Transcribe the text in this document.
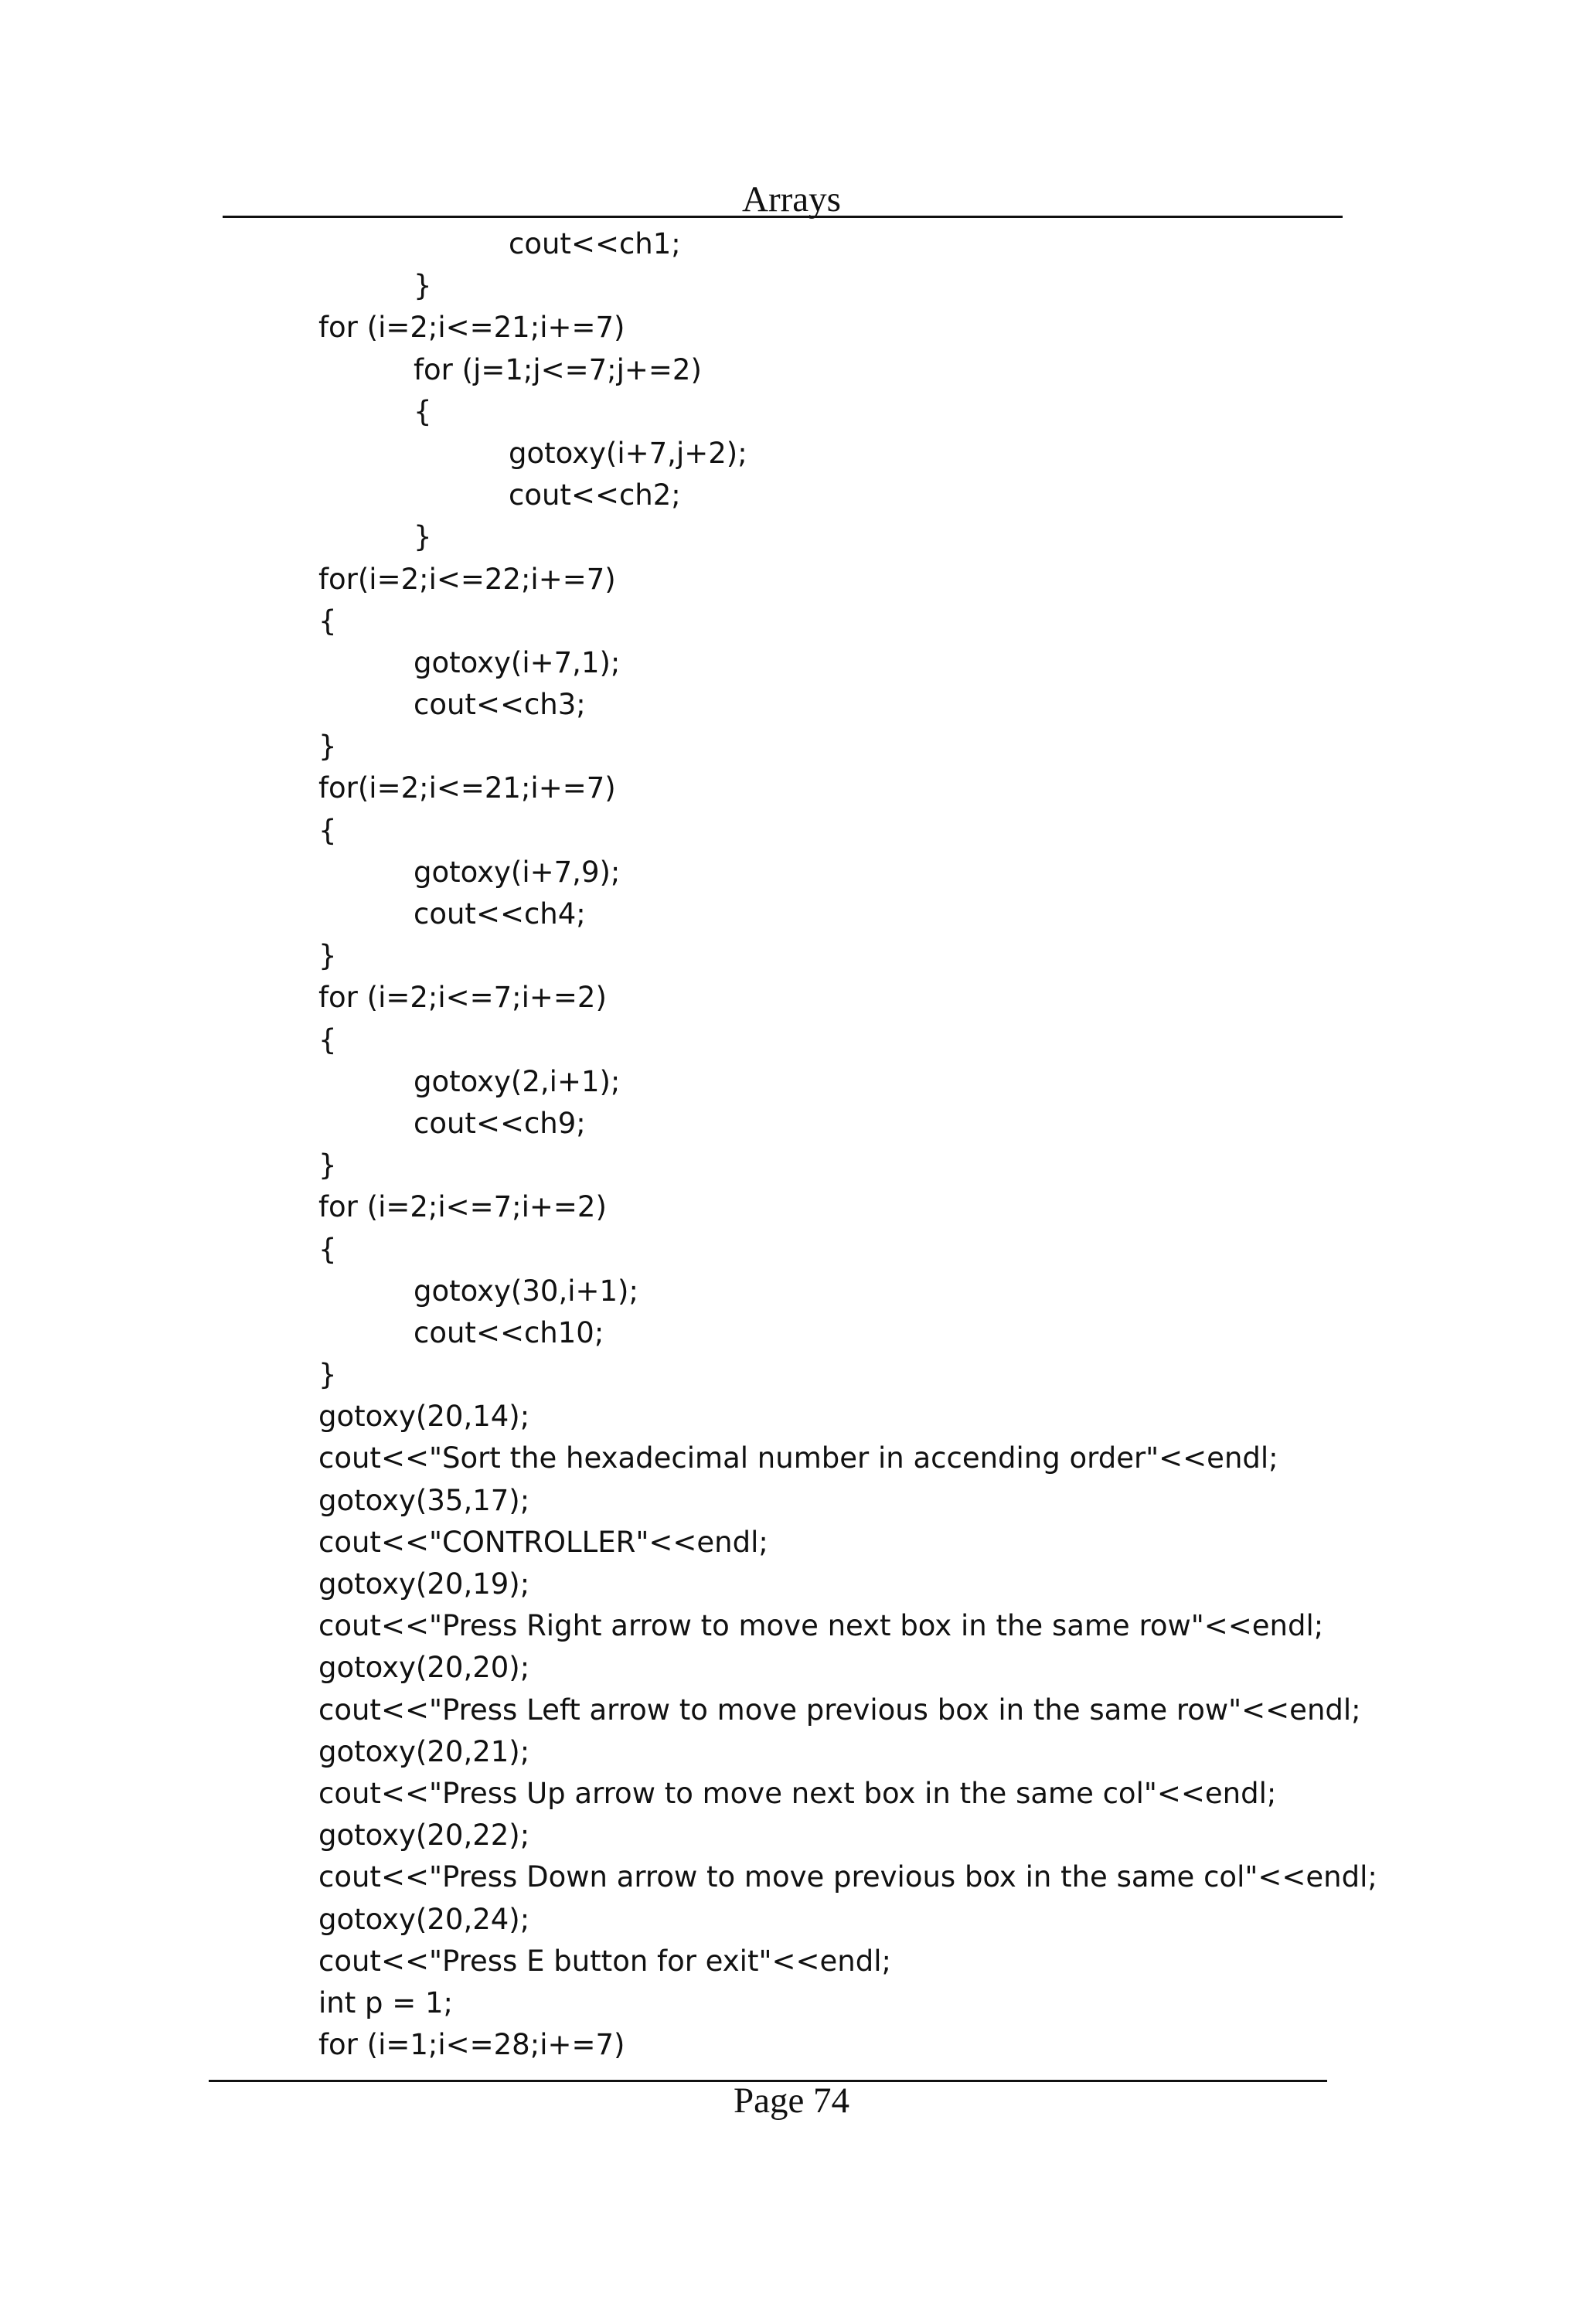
Arrays
cout<<ch1;
}
for (i=2;i<=21;i+=7)
for (j=1;j<=7;j+=2)
{
gotoxy(i+7,j+2);
cout<<ch2;
}
for(i=2;i<=22;i+=7)
{
gotoxy(i+7,1);
cout<<ch3;
}
for(i=2;i<=21;i+=7)
{
gotoxy(i+7,9);
cout<<ch4;
}
for (i=2;i<=7;i+=2)
{
gotoxy(2,i+1);
cout<<ch9;
}
for (i=2;i<=7;i+=2)
{
gotoxy(30,i+1);
cout<<ch10;
}
gotoxy(20,14);
cout<<"Sort the hexadecimal number in accending order"<<endl;
gotoxy(35,17);
cout<<"CONTROLLER"<<endl;
gotoxy(20,19);
cout<<"Press Right arrow to move next box in the same row"<<endl;
gotoxy(20,20);
cout<<"Press Left arrow to move previous box in the same row"<<endl;
gotoxy(20,21);
cout<<"Press Up arrow to move next box in the same col"<<endl;
gotoxy(20,22);
cout<<"Press Down arrow to move previous box in the same col"<<endl;
gotoxy(20,24);
cout<<"Press E button for exit"<<endl;
int p = 1;
for (i=1;i<=28;i+=7)
Page 74
